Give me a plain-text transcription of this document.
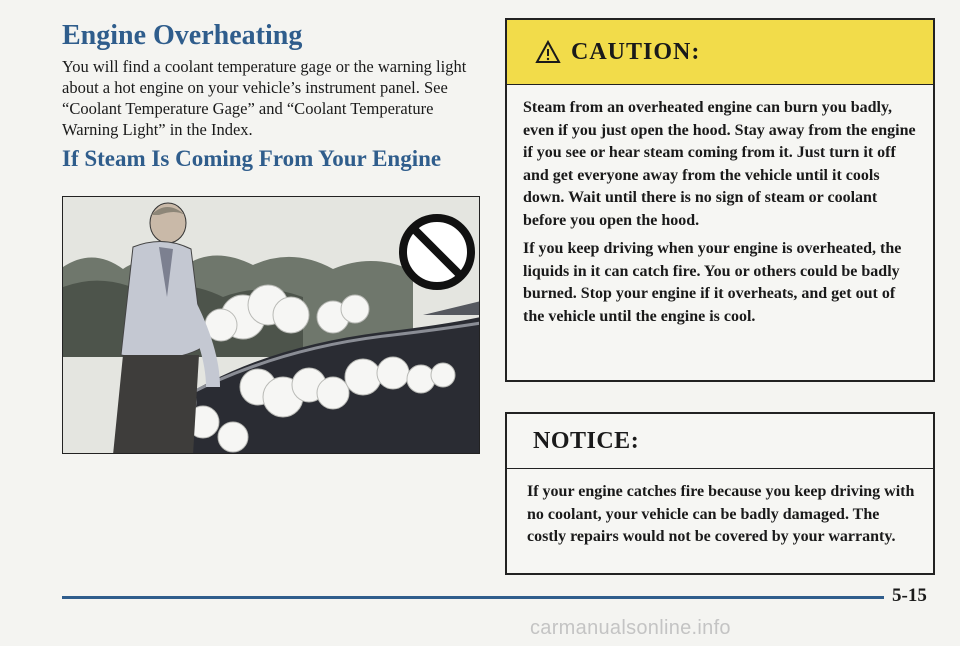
Engine Overheating

You will find a coolant temperature gage or the warning light about a hot engine on your vehicle’s instrument panel. See “Coolant Temperature Gage” and “Coolant Temperature Warning Light” in the Index.

If Steam Is Coming From Your Engine
CAUTION:

Steam from an overheated engine can burn you badly, even if you just open the hood. Stay away from the engine if you see or hear steam coming from it. Just turn it off and get everyone away from the vehicle until it cools down. Wait until there is no sign of steam or coolant before you open the hood.

If you keep driving when your engine is overheated, the liquids in it can catch fire. You or others could be badly burned. Stop your engine if it overheats, and get out of the vehicle until the engine is cool.

NOTICE:

If your engine catches fire because you keep driving with no coolant, your vehicle can be badly damaged. The costly repairs would not be covered by your warranty.

5-15
carmanualsonline.info
